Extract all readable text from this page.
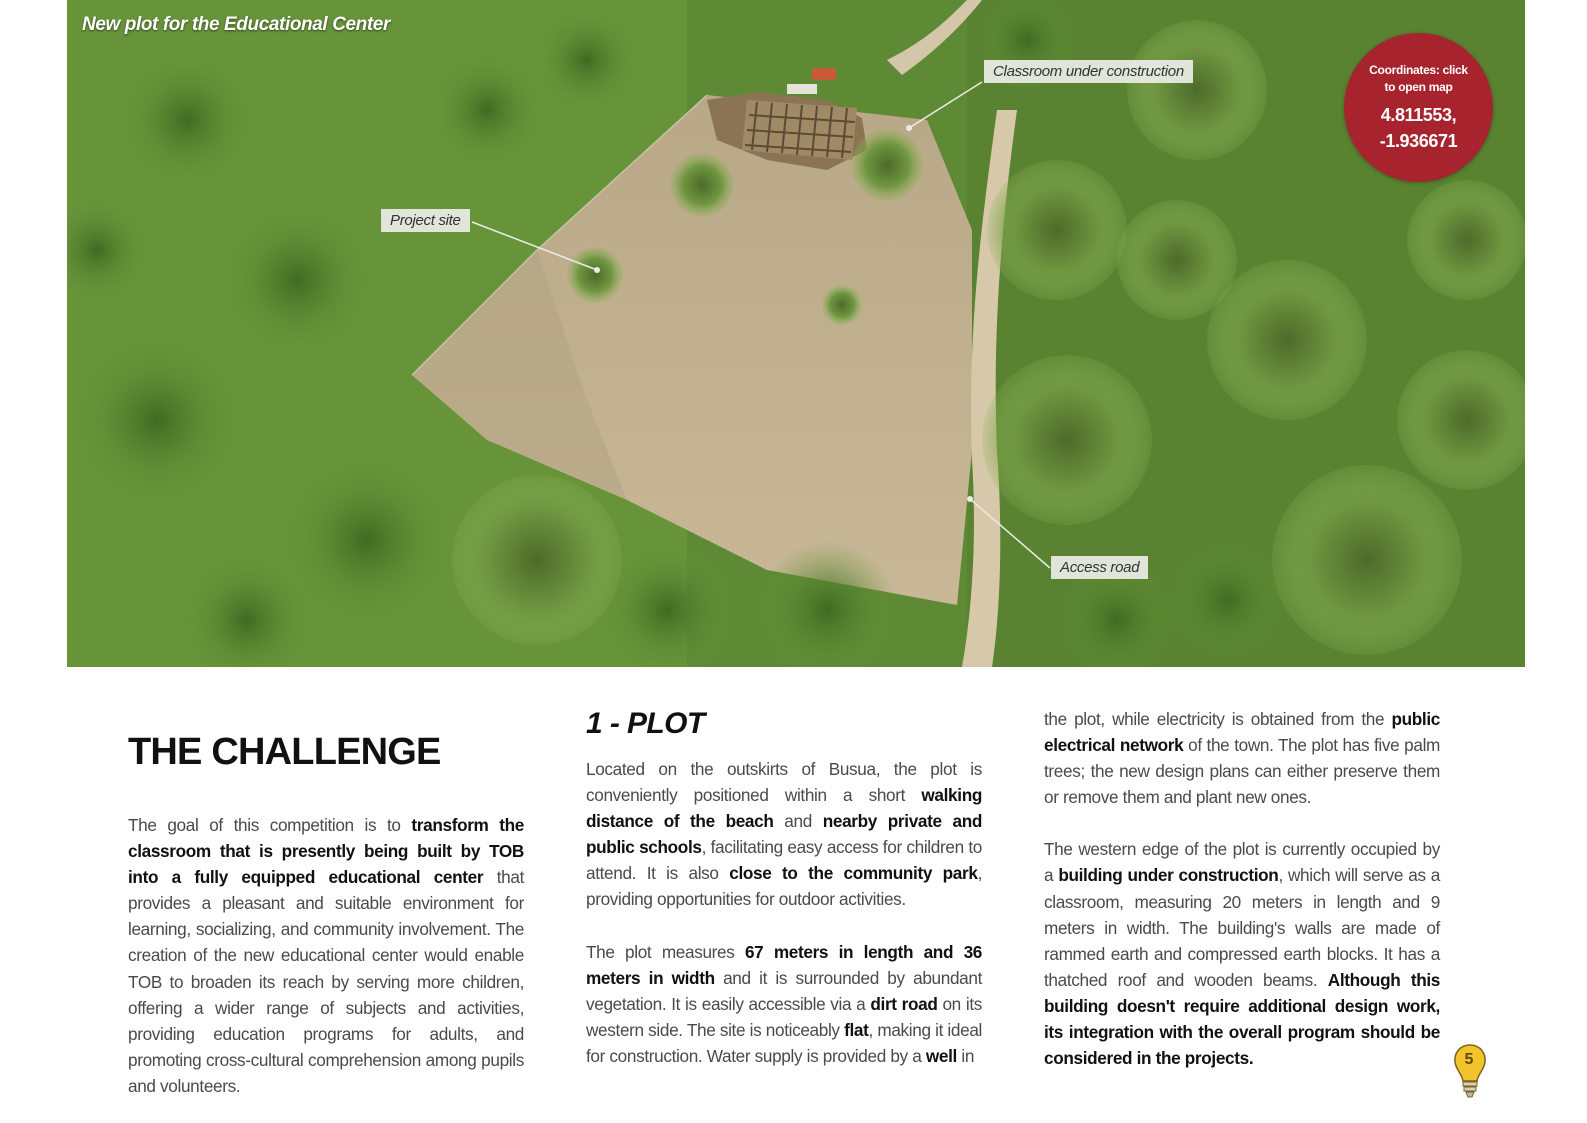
New plot for the Educational Center
Classroom under construction
Project site
Access road
Coordinates: click to open map
4.811553,
-1.936671
THE CHALLENGE

The goal of this competition is to transform the classroom that is presently being built by TOB into a fully equipped educational center that provides a pleasant and suitable environment for learning, socializing, and community involvement. The creation of the new educational center would enable TOB to broaden its reach by serving more children, offering a wider range of subjects and activities, providing education programs for adults, and promoting cross-cultural comprehension among pupils and volunteers.

1 - PLOT

Located on the outskirts of Busua, the plot is conveniently positioned within a short walking distance of the beach and nearby private and public schools, facilitating easy access for children to attend. It is also close to the community park, providing opportunities for outdoor activities.

The plot measures 67 meters in length and 36 meters in width and it is surrounded by abundant vegetation. It is easily accessible via a dirt road on its western side. The site is noticeably flat, making it ideal for construction. Water supply is provided by a well in

the plot, while electricity is obtained from the public electrical network of the town. The plot has five palm trees; the new design plans can either preserve them or remove them and plant new ones.

The western edge of the plot is currently occupied by a building under construction, which will serve as a classroom, measuring 20 meters in length and 9 meters in width. The building's walls are made of rammed earth and compressed earth blocks. It has a thatched roof and wooden beams. Although this building doesn't require additional design work, its integration with the overall program should be considered in the projects.	5
